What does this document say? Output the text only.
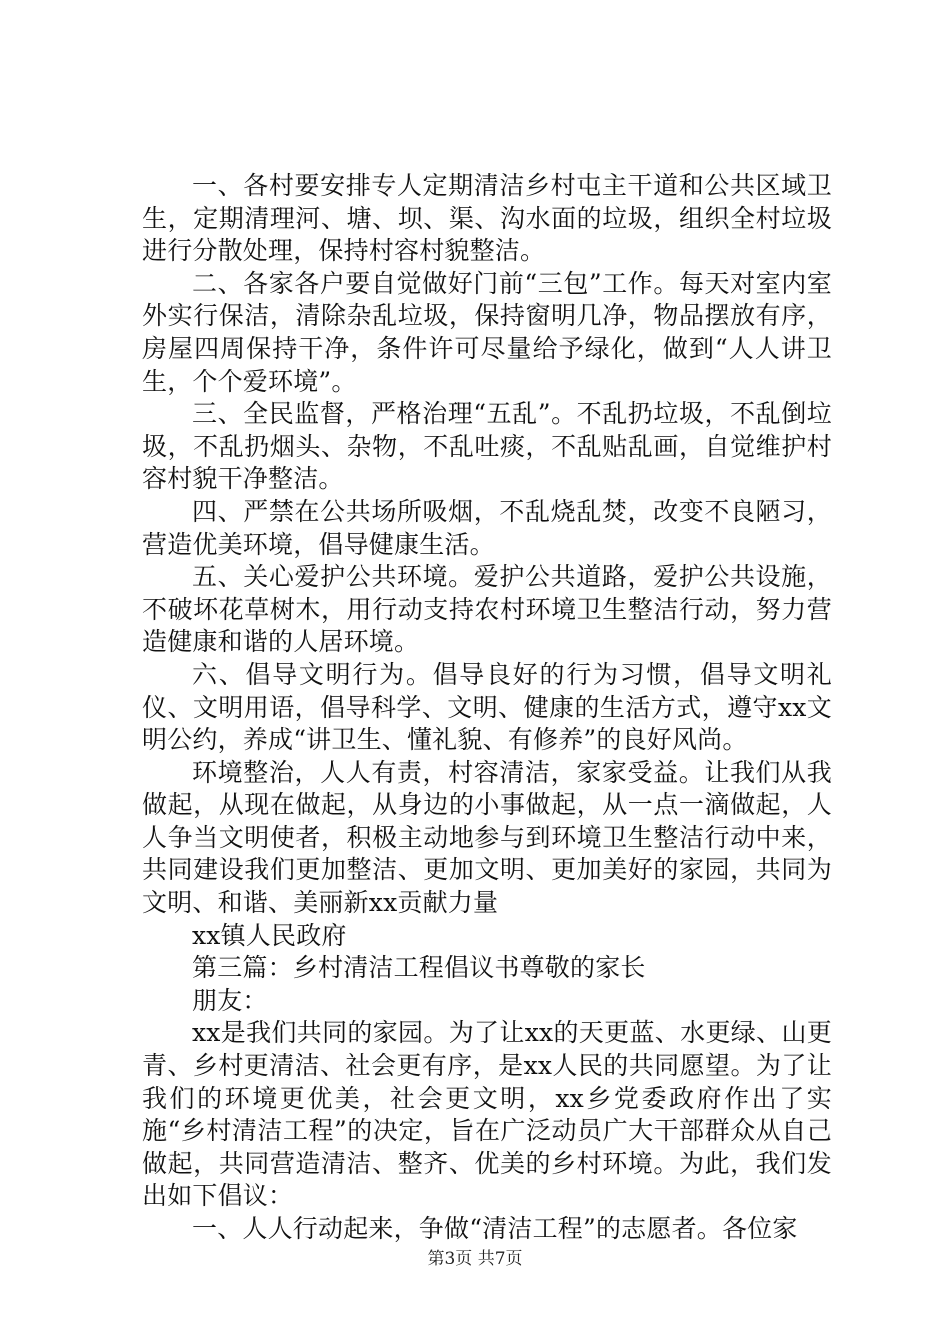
一、各村要安排专人定期清洁乡村屯主干道和公共区域卫生，定期清理河、塘、坝、渠、沟水面的垃圾，组织全村垃圾进行分散处理，保持村容村貌整洁。

二、各家各户要自觉做好门前“三包”工作。每天对室内室外实行保洁，清除杂乱垃圾，保持窗明几净，物品摆放有序，房屋四周保持干净，条件许可尽量给予绿化，做到“人人讲卫生，个个爱环境”。

三、全民监督，严格治理“五乱”。不乱扔垃圾，不乱倒垃圾，不乱扔烟头、杂物，不乱吐痰，不乱贴乱画，自觉维护村容村貌干净整洁。

四、严禁在公共场所吸烟，不乱烧乱焚，改变不良陋习，营造优美环境，倡导健康生活。

五、关心爱护公共环境。爱护公共道路，爱护公共设施，不破坏花草树木，用行动支持农村环境卫生整洁行动，努力营造健康和谐的人居环境。

六、倡导文明行为。倡导良好的行为习惯，倡导文明礼仪、文明用语，倡导科学、文明、健康的生活方式，遵守xx文明公约，养成“讲卫生、懂礼貌、有修养”的良好风尚。

环境整治，人人有责，村容清洁，家家受益。让我们从我做起，从现在做起，从身边的小事做起，从一点一滴做起，人人争当文明使者，积极主动地参与到环境卫生整洁行动中来，共同建设我们更加整洁、更加文明、更加美好的家园，共同为文明、和谐、美丽新xx贡献力量

xx镇人民政府

第三篇：乡村清洁工程倡议书尊敬的家长

朋友：

xx是我们共同的家园。为了让xx的天更蓝、水更绿、山更青、乡村更清洁、社会更有序，是xx人民的共同愿望。为了让我们的环境更优美，社会更文明，xx乡党委政府作出了实施“乡村清洁工程”的决定，旨在广泛动员广大干部群众从自己做起，共同营造清洁、整齐、优美的乡村环境。为此，我们发出如下倡议：

一、人人行动起来，争做“清洁工程”的志愿者。各位家

第3页 共7页
